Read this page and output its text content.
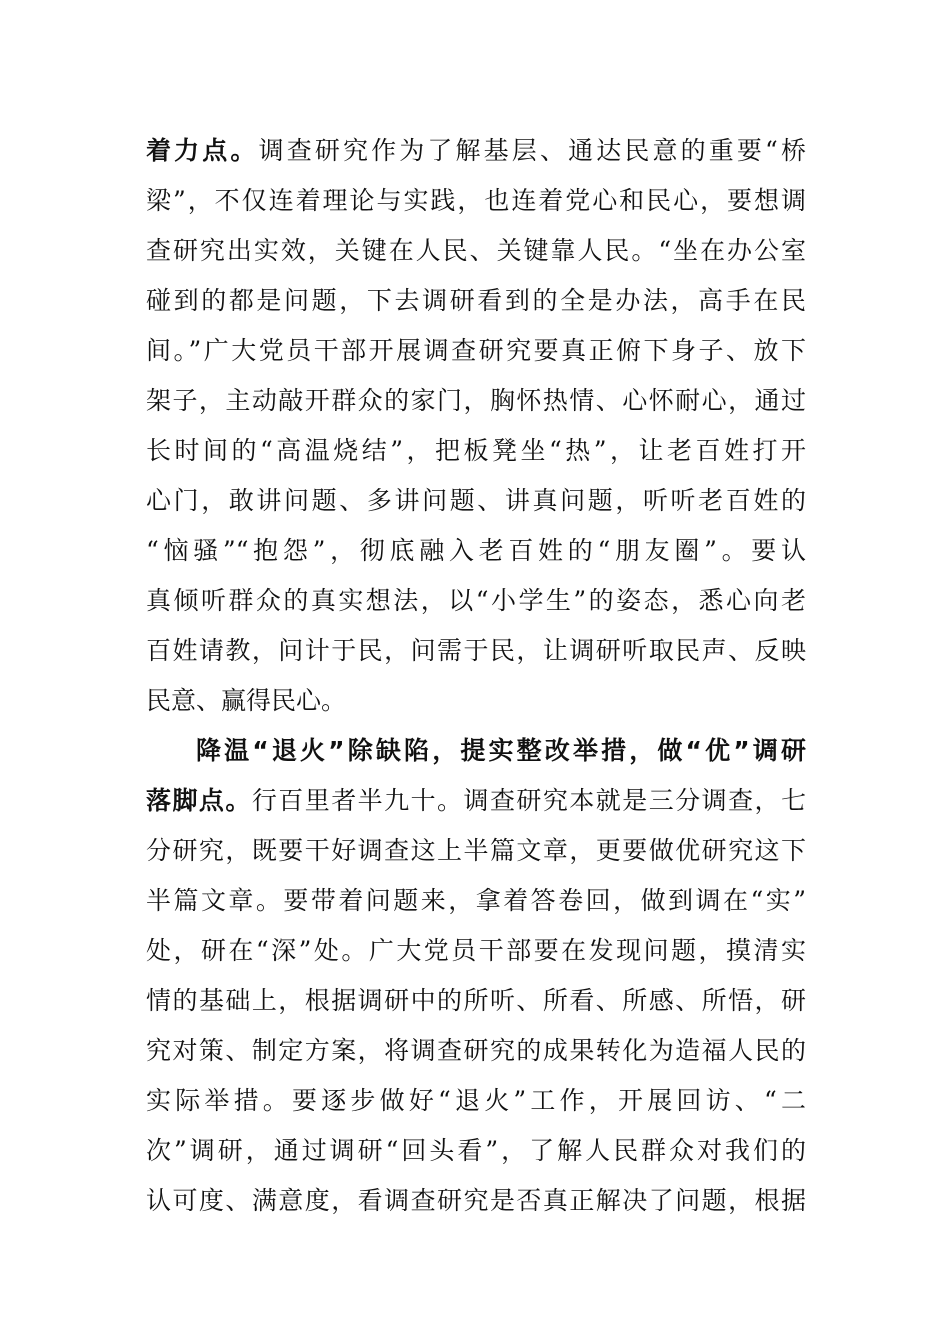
着力点。调查研究作为了解基层、通达民意的重要“桥
梁”，不仅连着理论与实践，也连着党心和民心，要想调
查研究出实效，关键在人民、关键靠人民。“坐在办公室
碰到的都是问题，下去调研看到的全是办法，高手在民
间。”广大党员干部开展调查研究要真正俯下身子、放下
架子，主动敲开群众的家门，胸怀热情、心怀耐心，通过
长时间的“高温烧结”，把板凳坐“热”，让老百姓打开
心门，敢讲问题、多讲问题、讲真问题，听听老百姓的
“恼骚”“抱怨”，彻底融入老百姓的“朋友圈”。要认
真倾听群众的真实想法，以“小学生”的姿态，悉心向老
百姓请教，问计于民，问需于民，让调研听取民声、反映
民意、赢得民心。
降温“退火”除缺陷，提实整改举措，做“优”调研
落脚点。行百里者半九十。调查研究本就是三分调查，七
分研究，既要干好调查这上半篇文章，更要做优研究这下
半篇文章。要带着问题来，拿着答卷回，做到调在“实”
处，研在“深”处。广大党员干部要在发现问题，摸清实
情的基础上，根据调研中的所听、所看、所感、所悟，研
究对策、制定方案，将调查研究的成果转化为造福人民的
实际举措。要逐步做好“退火”工作，开展回访、“二
次”调研，通过调研“回头看”，了解人民群众对我们的
认可度、满意度，看调查研究是否真正解决了问题，根据
